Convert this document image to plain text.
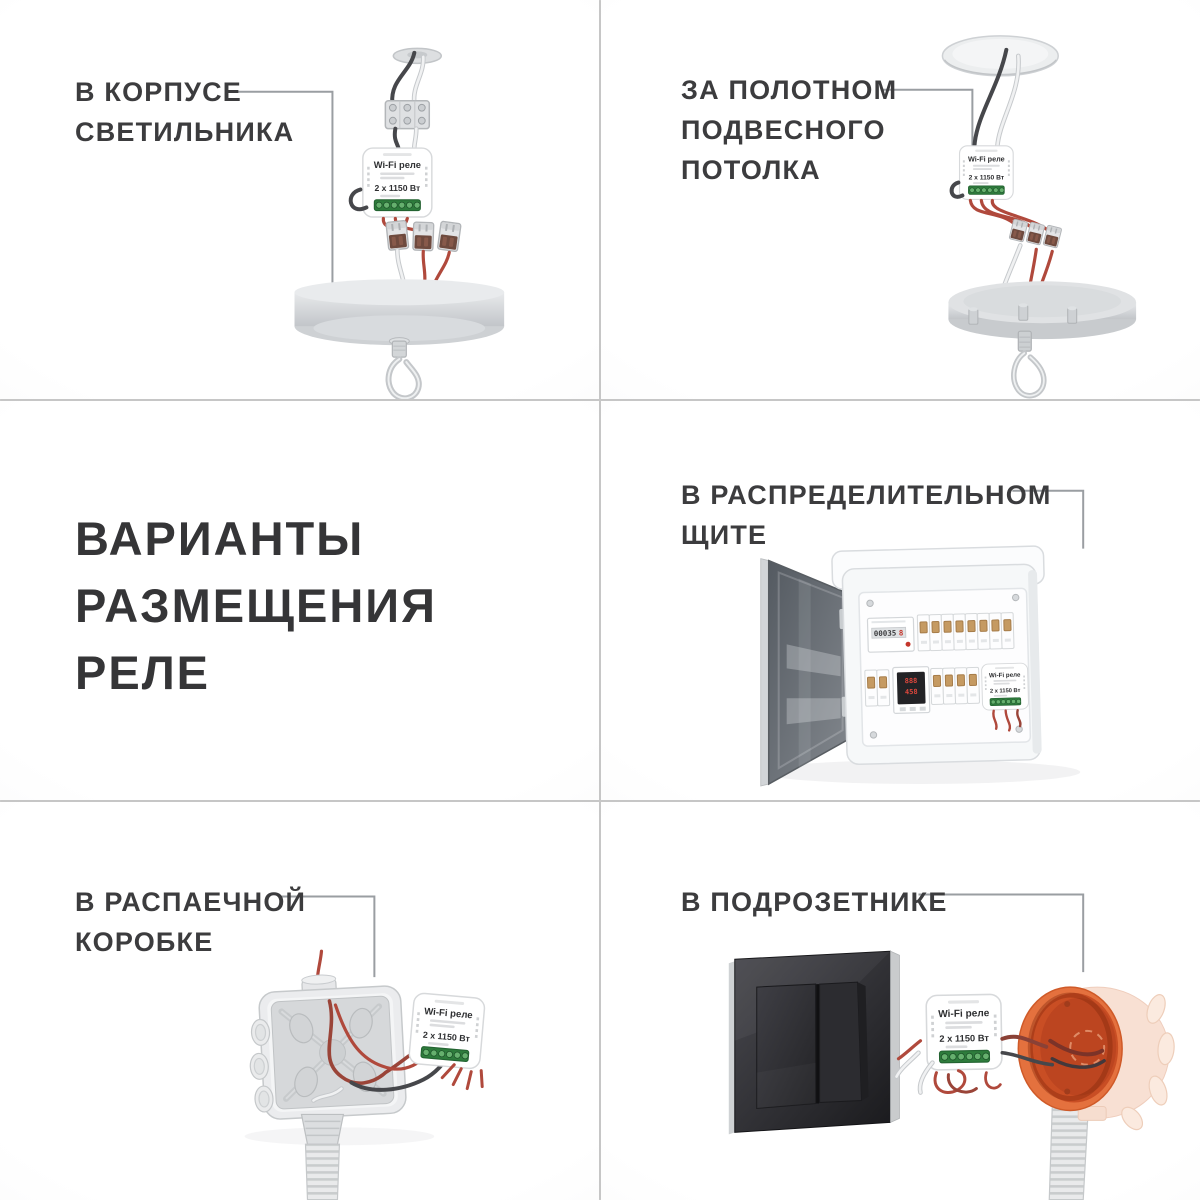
В КОРПУСЕ
СВЕТИЛЬНИКА
ЗА ПОЛОТНОМ
ПОДВЕСНОГО
ПОТОЛКА
ВАРИАНТЫ
РАЗМЕЩЕНИЯ
РЕЛЕ
В РАСПРЕДЕЛИТЕЛЬНОМ
ЩИТЕ
00035 8
888
458
В РАСПАЕЧНОЙ
КОРОБКЕ
В ПОДРОЗЕТНИКЕ
